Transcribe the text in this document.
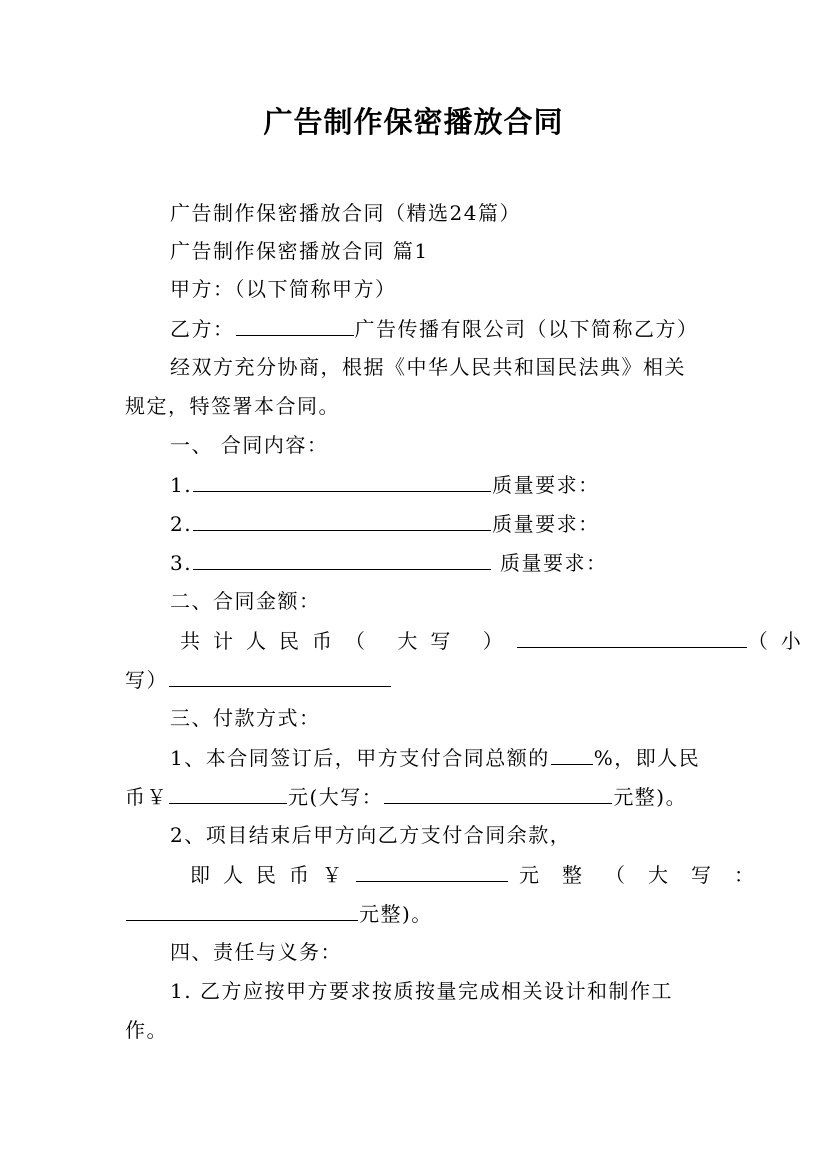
广告制作保密播放合同
广告制作保密播放合同（精选24篇）
广告制作保密播放合同 篇1
甲方：（以下简称甲方）
乙方：	广告传播有限公司（以下简称乙方）
经双方充分协商，根据《中华人民共和国民法典》相关
规定，特签署本合同。
一、 合同内容：
1.	质量要求：
2.	质量要求：
3.	质量要求：
二、合同金额：
共计人民币（ 大写 ）	（小
写）
三、付款方式：
1、本合同签订后，甲方支付合同总额的 %，即人民
币￥	元(大写：	元整)。
2、项目结束后甲方向乙方支付合同余款，
即人民币￥	元整（大写：
元整)。
四、责任与义务：
1. 乙方应按甲方要求按质按量完成相关设计和制作工
作。
